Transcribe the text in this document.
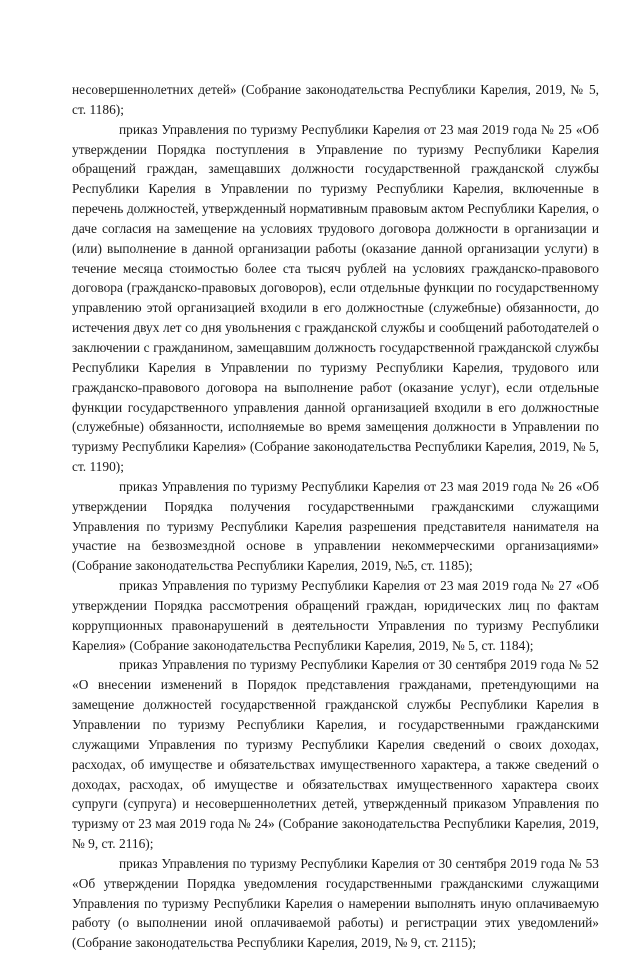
несовершеннолетних детей» (Собрание законодательства Республики Карелия, 2019, № 5, ст. 1186);

приказ Управления по туризму Республики Карелия от 23 мая 2019 года № 25 «Об утверждении Порядка поступления в Управление по туризму Республики Карелия обращений граждан, замещавших должности государственной гражданской службы Республики Карелия в Управлении по туризму Республики Карелия, включенные в перечень должностей, утвержденный нормативным правовым актом Республики Карелия, о даче согласия на замещение на условиях трудового договора должности в организации и (или) выполнение в данной организации работы (оказание данной организации услуги) в течение месяца стоимостью более ста тысяч рублей на условиях гражданско-правового договора (гражданско-правовых договоров), если отдельные функции по государственному управлению этой организацией входили в его должностные (служебные) обязанности, до истечения двух лет со дня увольнения с гражданской службы и сообщений работодателей о заключении с гражданином, замещавшим должность государственной гражданской службы Республики Карелия в Управлении по туризму Республики Карелия, трудового или гражданско-правового договора на выполнение работ (оказание услуг), если отдельные функции государственного управления данной организацией входили в его должностные (служебные) обязанности, исполняемые во время замещения должности в Управлении по туризму Республики Карелия» (Собрание законодательства Республики Карелия, 2019, № 5, ст. 1190);

приказ Управления по туризму Республики Карелия от 23 мая 2019 года № 26 «Об утверждении Порядка получения государственными гражданскими служащими Управления по туризму Республики Карелия разрешения представителя нанимателя на участие на безвозмездной основе в управлении некоммерческими организациями» (Собрание законодательства Республики Карелия, 2019, №5, ст. 1185);

приказ Управления по туризму Республики Карелия от 23 мая 2019 года № 27 «Об утверждении Порядка рассмотрения обращений граждан, юридических лиц по фактам коррупционных правонарушений в деятельности Управления по туризму Республики Карелия» (Собрание законодательства Республики Карелия, 2019, № 5, ст. 1184);

приказ Управления по туризму Республики Карелия от 30 сентября 2019 года № 52 «О внесении изменений в Порядок представления гражданами, претендующими на замещение должностей государственной гражданской службы Республики Карелия в Управлении по туризму Республики Карелия, и государственными гражданскими служащими Управления по туризму Республики Карелия сведений о своих доходах, расходах, об имуществе и обязательствах имущественного характера, а также сведений о доходах, расходах, об имуществе и обязательствах имущественного характера своих супруги (супруга) и несовершеннолетних детей, утвержденный приказом Управления по туризму от 23 мая 2019 года № 24» (Собрание законодательства Республики Карелия, 2019, № 9, ст. 2116);

приказ Управления по туризму Республики Карелия от 30 сентября 2019 года № 53 «Об утверждении Порядка уведомления государственными гражданскими служащими Управления по туризму Республики Карелия о намерении выполнять иную оплачиваемую работу (о выполнении иной оплачиваемой работы) и регистрации этих уведомлений» (Собрание законодательства Республики Карелия, 2019, № 9, ст. 2115);
